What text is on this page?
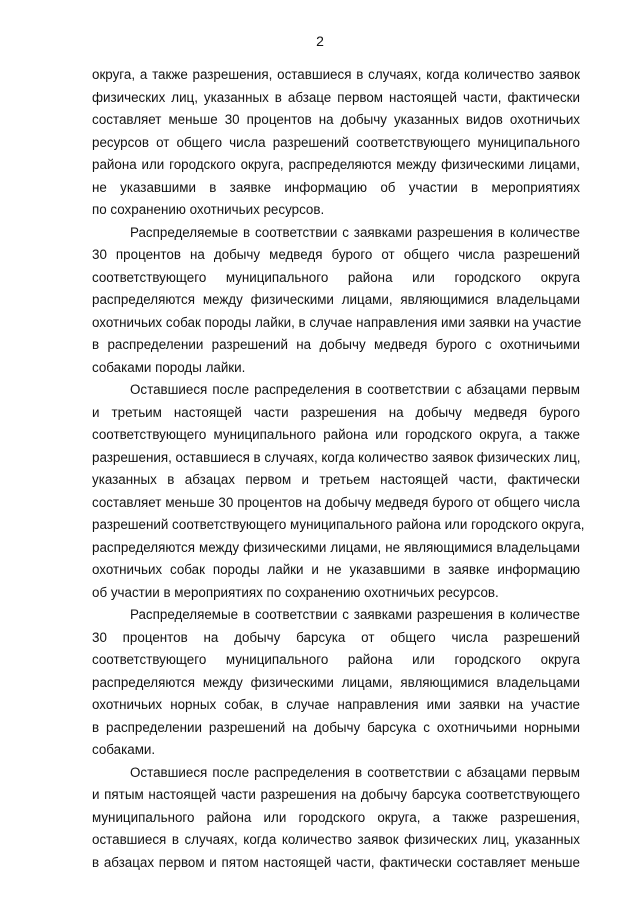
2
округа, а также разрешения, оставшиеся в случаях, когда количество заявок
физических лиц, указанных в абзаце первом настоящей части, фактически
составляет меньше 30 процентов на добычу указанных видов охотничьих
ресурсов от общего числа разрешений соответствующего муниципального
района или городского округа, распределяются между физическими лицами,
не указавшими в заявке информацию об участии в мероприятиях
по сохранению охотничьих ресурсов.
Распределяемые в соответствии с заявками разрешения в количестве
30 процентов на добычу медведя бурого от общего числа разрешений
соответствующего муниципального района или городского округа
распределяются между физическими лицами, являющимися владельцами
охотничьих собак породы лайки, в случае направления ими заявки на участие
в распределении разрешений на добычу медведя бурого с охотничьими
собаками породы лайки.
Оставшиеся после распределения в соответствии с абзацами первым
и третьим настоящей части разрешения на добычу медведя бурого
соответствующего муниципального района или городского округа, а также
разрешения, оставшиеся в случаях, когда количество заявок физических лиц,
указанных в абзацах первом и третьем настоящей части, фактически
составляет меньше 30 процентов на добычу медведя бурого от общего числа
разрешений соответствующего муниципального района или городского округа,
распределяются между физическими лицами, не являющимися владельцами
охотничьих собак породы лайки и не указавшими в заявке информацию
об участии в мероприятиях по сохранению охотничьих ресурсов.
Распределяемые в соответствии с заявками разрешения в количестве
30 процентов на добычу барсука от общего числа разрешений
соответствующего муниципального района или городского округа
распределяются между физическими лицами, являющимися владельцами
охотничьих норных собак, в случае направления ими заявки на участие
в распределении разрешений на добычу барсука с охотничьими норными
собаками.
Оставшиеся после распределения в соответствии с абзацами первым
и пятым настоящей части разрешения на добычу барсука соответствующего
муниципального района или городского округа, а также разрешения,
оставшиеся в случаях, когда количество заявок физических лиц, указанных
в абзацах первом и пятом настоящей части, фактически составляет меньше
